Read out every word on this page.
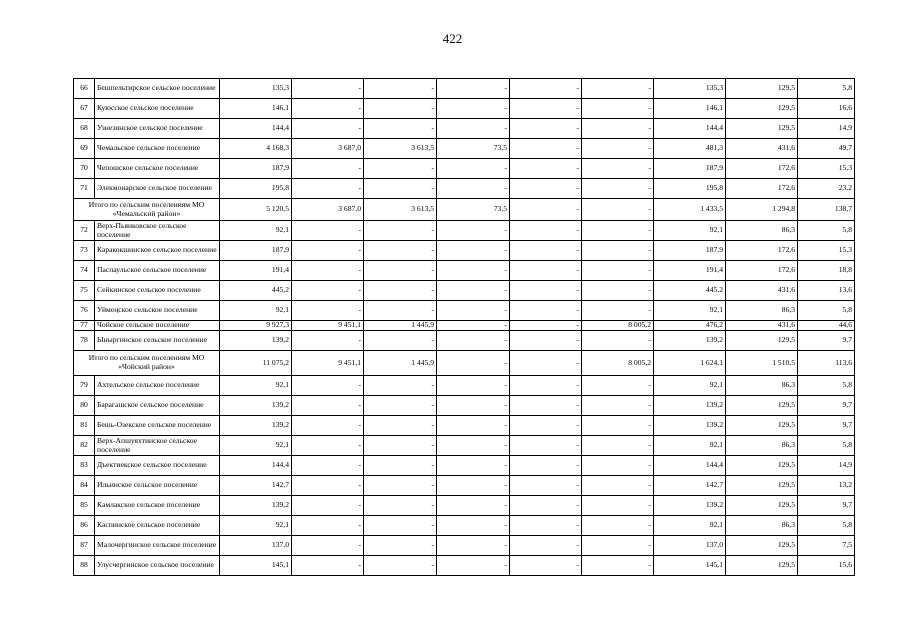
422
66	Бешпельтирское сельское поселение	135,3	-	-	-	-	-	135,3	129,5	5,8
67	Куюсское сельское поселение	146,1	-	-	-	-	-	146,1	129,5	16,6
68	Узнезинское сельское поселение	144,4	-	-	-	-	-	144,4	129,5	14,9
69	Чемальское сельское поселение	4 168,3	3 687,0	3 613,5	73,5	-	-	481,3	431,6	49,7
70	Чепошское сельское поселение	187,9	-	-	-	-	-	187,9	172,6	15,3
71	Элекмонарское сельское поселение	195,8	-	-	-	-	-	195,8	172,6	23,2
Итого по сельским поселениям МО «Чемальский район»		5 120,5	3 687,0	3 613,5	73,5	-	-	1 433,5	1 294,8	138,7
72	Верх-Пьянковское сельское поселение	92,1	-	-	-	-	-	92,1	86,3	5,8
73	Каракокшинское сельское поселение	187,9	-	-	-	-	-	187,9	172,6	15,3
74	Паспаульское сельское поселение	191,4	-	-	-	-	-	191,4	172,6	18,8
75	Сейкинское сельское поселение	445,2	-	-	-	-	-	445,2	431,6	13,6
76	Уймеңское сельское поселение	92,1	-	-	-	-	-	92,1	86,3	5,8
77	Чойское сельское поселение	9 927,3	9 451,1	1 445,9	-	-	8 005,2	476,2	431,6	44,6
78	Ыныргинское сельское поселение	139,2	-	-	-	-	-	139,2	129,5	9,7
Итого по сельским поселениям МО «Чойский район»		11 075,2	9 451,1	1 445,9	-	-	8 005,2	1 624,1	1 510,5	113,6
79	Ахтельское сельское поселение	92,1	-	-	-	-	-	92,1	86,3	5,8
80	Барагашское сельское поселение	139,2	-	-	-	-	-	139,2	129,5	9,7
81	Бешь-Озекское сельское поселение	139,2	-	-	-	-	-	139,2	129,5	9,7
82	Верх-Апшуяхтинское сельское поселение	92,1	-	-	-	-	-	92,1	86,3	5,8
83	Дъектиекское сельское поселение	144,4	-	-	-	-	-	144,4	129,5	14,9
84	Ильинское сельское поселение	142,7	-	-	-	-	-	142,7	129,5	13,2
85	Камлакское сельское поселение	139,2	-	-	-	-	-	139,2	129,5	9,7
86	Каспинское сельское поселение	92,1	-	-	-	-	-	92,1	86,3	5,8
87	Малочергинское сельское поселение	137,0	-	-	-	-	-	137,0	129,5	7,5
88	Улусчергинское сельское поселение	145,1	-	-	-	-	-	145,1	129,5	15,6
